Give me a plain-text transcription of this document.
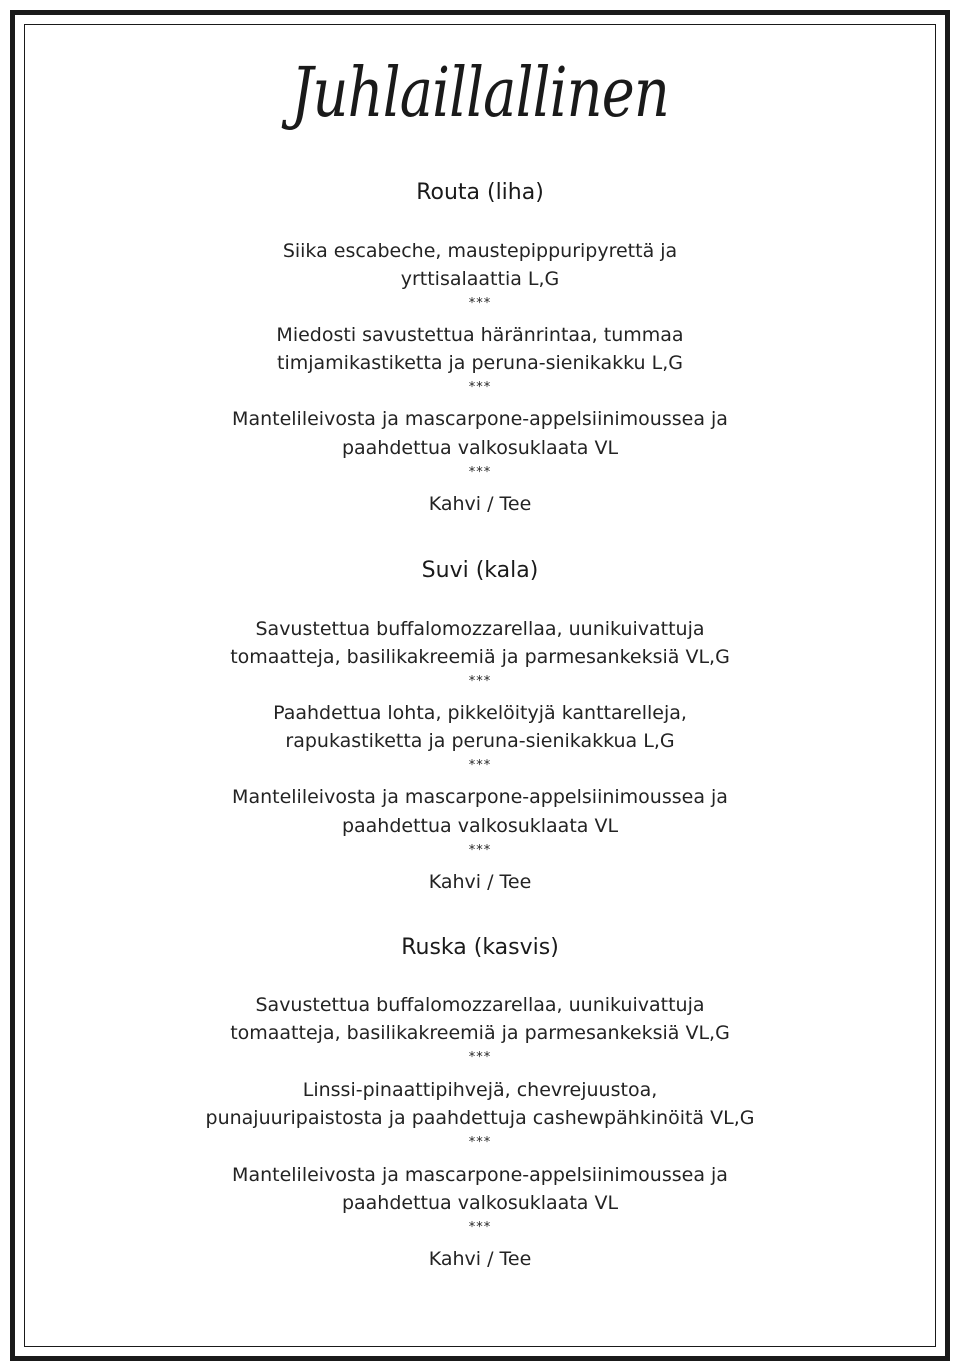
Juhlaillallinen
Routa (liha)
Siika escabeche, maustepippuripyrettä ja
yrttisalaattia L,G
***
Miedosti savustettua häränrintaa, tummaa
timjamikastiketta ja peruna-sienikakku L,G
***
Mantelileivosta ja mascarpone-appelsiinimoussea ja
paahdettua valkosuklaata VL
***
Kahvi / Tee
Suvi (kala)
Savustettua buffalomozzarellaa, uunikuivattuja
tomaatteja, basilikakreemiä ja parmesankeksiä VL,G
***
Paahdettua lohta, pikkelöityjä kanttarelleja,
rapukastiketta ja peruna-sienikakkua L,G
***
Mantelileivosta ja mascarpone-appelsiinimoussea ja
paahdettua valkosuklaata VL
***
Kahvi / Tee
Ruska (kasvis)
Savustettua buffalomozzarellaa, uunikuivattuja
tomaatteja, basilikakreemiä ja parmesankeksiä VL,G
***
Linssi-pinaattipihvejä, chevrejuustoa,
punajuuripaistosta ja paahdettuja cashewpähkinöitä VL,G
***
Mantelileivosta ja mascarpone-appelsiinimoussea ja
paahdettua valkosuklaata VL
***
Kahvi / Tee
